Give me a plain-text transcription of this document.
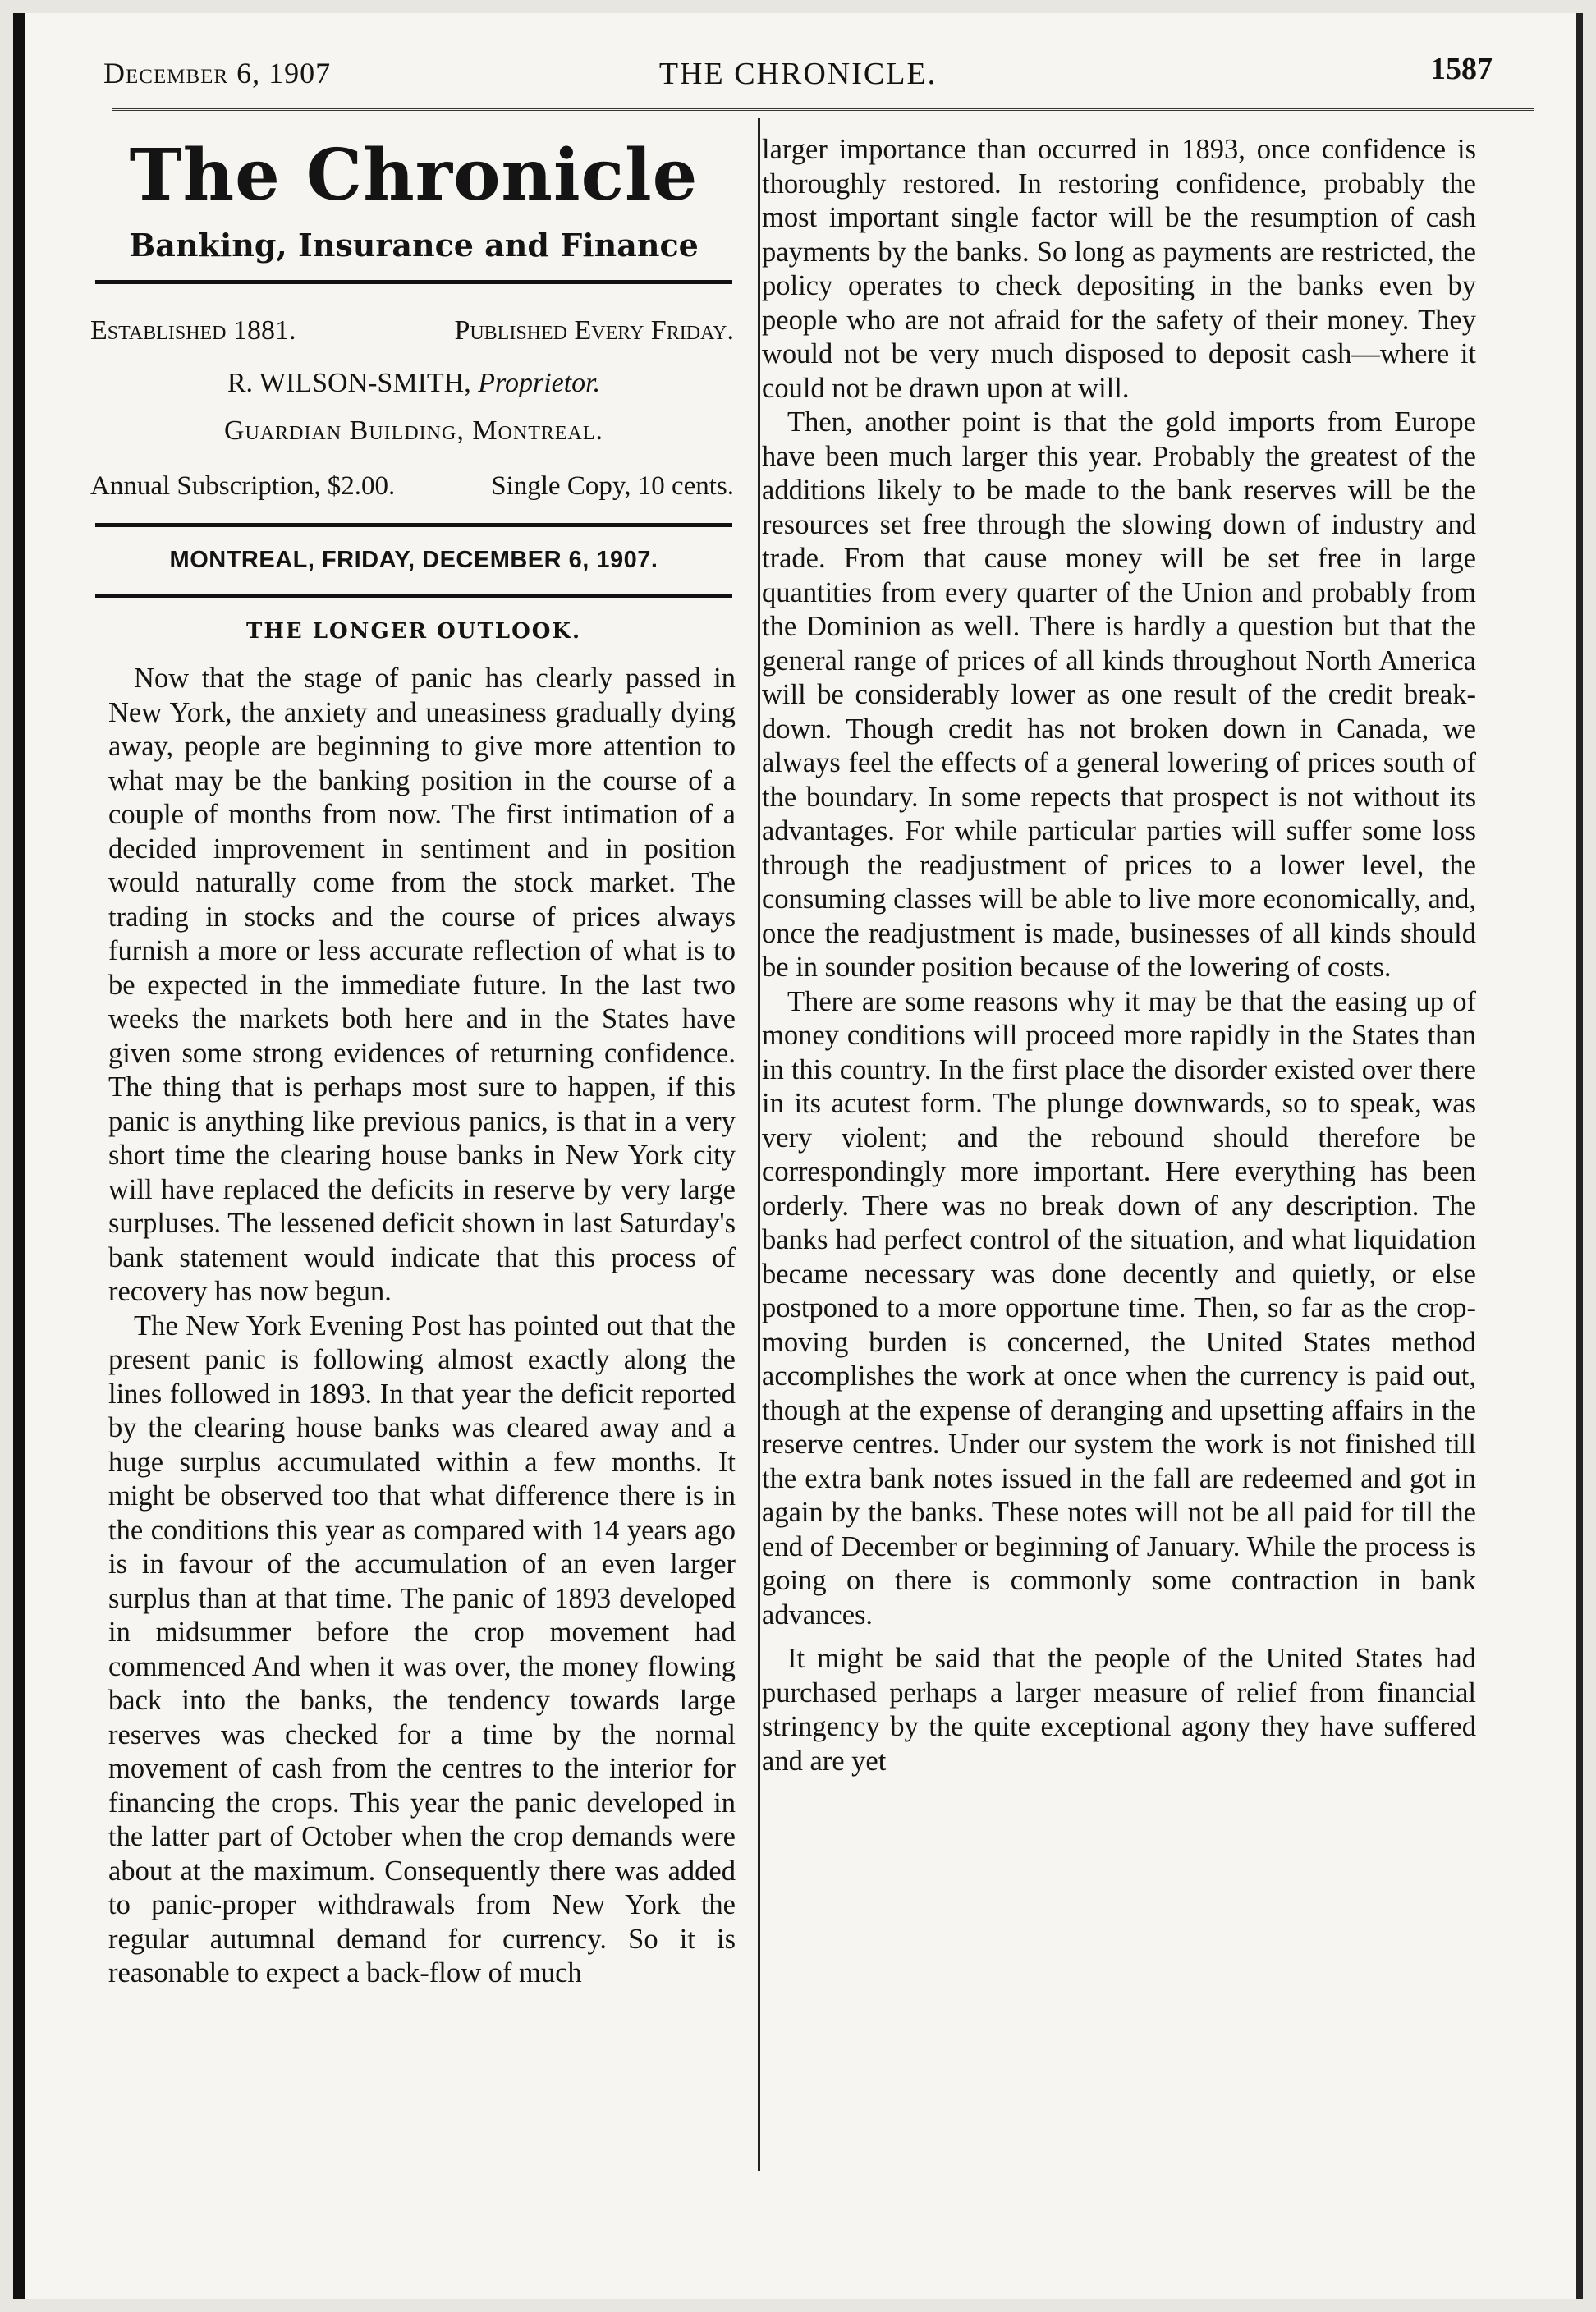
December 6, 1907	THE CHRONICLE.	1587
The Chronicle
Banking, Insurance and Finance
Established 1881.	Published Every Friday.
R. WILSON-SMITH, Proprietor.
Guardian Building, Montreal.
Annual Subscription, $2.00.	Single Copy, 10 cents.
MONTREAL, FRIDAY, DECEMBER 6, 1907.
THE LONGER OUTLOOK.

Now that the stage of panic has clearly passed in New York, the anxiety and uneasiness gradually dying away, people are beginning to give more attention to what may be the banking position in the course of a couple of months from now. The first intimation of a decided improvement in sentiment and in position would naturally come from the stock market. The trading in stocks and the course of prices always furnish a more or less accurate reflection of what is to be expected in the immediate future. In the last two weeks the markets both here and in the States have given some strong evidences of returning confidence. The thing that is perhaps most sure to happen, if this panic is anything like previous panics, is that in a very short time the clearing house banks in New York city will have replaced the deficits in reserve by very large surpluses. The lessened deficit shown in last Saturday's bank statement would indicate that this process of recovery has now begun.

The New York Evening Post has pointed out that the present panic is following almost exactly along the lines followed in 1893. In that year the deficit reported by the clearing house banks was cleared away and a huge surplus accumulated within a few months. It might be observed too that what difference there is in the conditions this year as compared with 14 years ago is in favour of the accumulation of an even larger surplus than at that time. The panic of 1893 developed in midsummer before the crop movement had commenced And when it was over, the money flowing back into the banks, the tendency towards large reserves was checked for a time by the normal movement of cash from the centres to the interior for financing the crops. This year the panic developed in the latter part of October when the crop demands were about at the maximum. Consequently there was added to panic-proper withdrawals from New York the regular autumnal demand for currency. So it is reasonable to expect a back-flow of much

larger importance than occurred in 1893, once confidence is thoroughly restored. In restoring confidence, probably the most important single factor will be the resumption of cash payments by the banks. So long as payments are restricted, the policy operates to check depositing in the banks even by people who are not afraid for the safety of their money. They would not be very much disposed to deposit cash—where it could not be drawn upon at will.

Then, another point is that the gold imports from Europe have been much larger this year. Probably the greatest of the additions likely to be made to the bank reserves will be the resources set free through the slowing down of industry and trade. From that cause money will be set free in large quantities from every quarter of the Union and probably from the Dominion as well. There is hardly a question but that the general range of prices of all kinds throughout North America will be considerably lower as one result of the credit break-down. Though credit has not broken down in Canada, we always feel the effects of a general lowering of prices south of the boundary. In some repects that prospect is not without its advantages. For while particular parties will suffer some loss through the readjustment of prices to a lower level, the consuming classes will be able to live more economically, and, once the readjustment is made, businesses of all kinds should be in sounder position because of the lowering of costs.

There are some reasons why it may be that the easing up of money conditions will proceed more rapidly in the States than in this country. In the first place the disorder existed over there in its acutest form. The plunge downwards, so to speak, was very violent; and the rebound should therefore be correspondingly more important. Here everything has been orderly. There was no break down of any description. The banks had perfect control of the situation, and what liquidation became necessary was done decently and quietly, or else postponed to a more opportune time. Then, so far as the crop-moving burden is concerned, the United States method accomplishes the work at once when the currency is paid out, though at the expense of deranging and upsetting affairs in the reserve centres. Under our system the work is not finished till the extra bank notes issued in the fall are redeemed and got in again by the banks. These notes will not be all paid for till the end of December or beginning of January. While the process is going on there is commonly some contraction in bank advances.

It might be said that the people of the United States had purchased perhaps a larger measure of relief from financial stringency by the quite exceptional agony they have suffered and are yet
